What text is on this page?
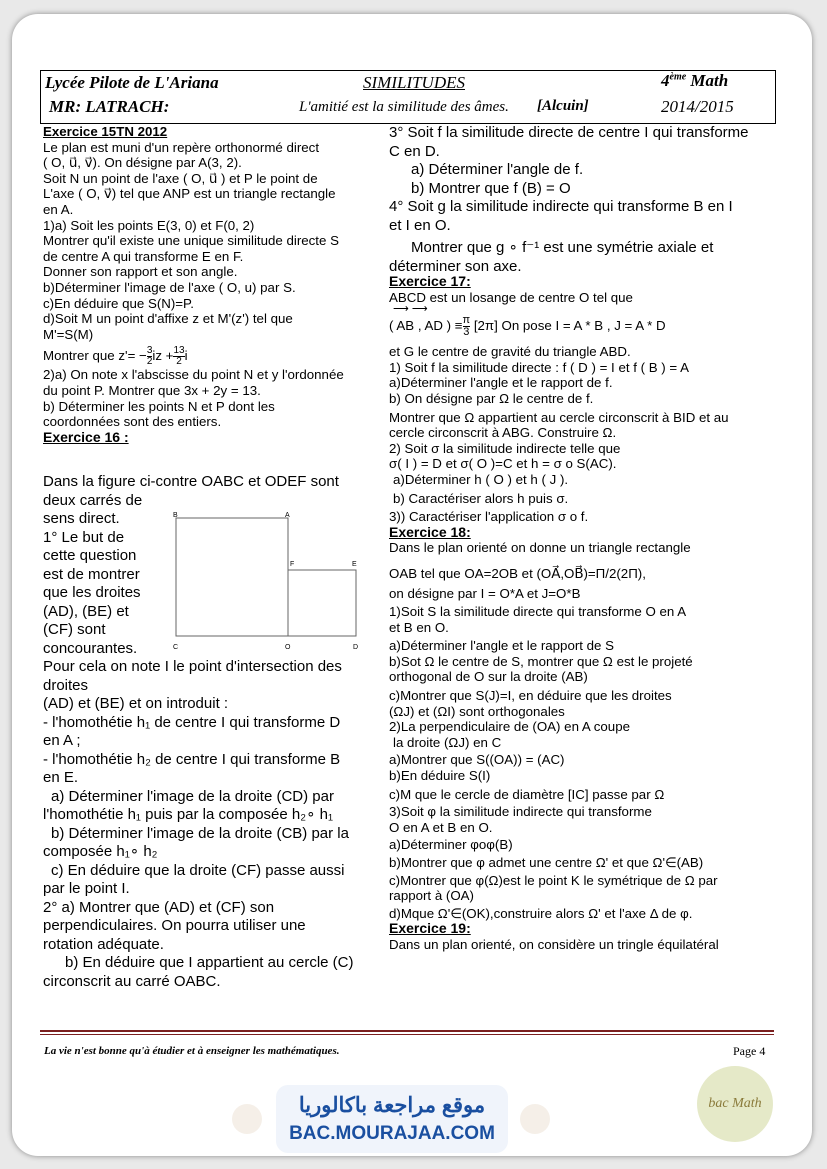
Lycée Pilote de L'Ariana	SIMILITUDES	4ème Math
MR: LATRACH:	L'amitié est la similitude des âmes. [Alcuin]	2014/2015

Exercice 15TN 2012

Le plan est muni d'un repère orthonormé direct

( O, u⃗, v⃗). On désigne par A(3, 2).

Soit N un point de l'axe ( O, u⃗ ) et P le point de

L'axe ( O, v⃗) tel que ANP est un triangle rectangle

en A.

1)a) Soit les points E(3, 0) et F(0, 2)

Montrer qu'il existe une unique similitude directe S

de centre A qui transforme E en F.

Donner son rapport et son angle.

b)Déterminer l'image de l'axe ( O, u) par S.

c)En déduire que S(N)=P.

d)Soit M un point d'affixe z et M'(z') tel que

M'=S(M)

Montrer que $z'= - \frac{3}{2}$ iz + $\frac{13}{2}$ i

2)a) On note x l'abscisse du point N et y l'ordonnée

du point P. Montrer que 3x + 2y = 13.

b) Déterminer les points N et P dont les

coordonnées sont des entiers.

Exercice 16 :

Dans la figure ci-contre OABC et ODEF sont

deux carrés de

sens direct.

1° Le but de

cette question

est de montrer

que les droites

(AD), (BE) et

(CF) sont

concourantes.

Pour cela on note I le point d'intersection des

droites

(AD) et (BE) et on introduit :

- l'homothétie h₁ de centre I qui transforme D

en A ;

- l'homothétie h₂ de centre I qui transforme B

en E.

a) Déterminer l'image de la droite (CD) par

l'homothétie h₁ puis par la composée h₂∘ h₁

b) Déterminer l'image de la droite (CB) par la

composée h₁∘ h₂

c) En déduire que la droite (CF) passe aussi

par le point I.

2° a) Montrer que (AD) et (CF) son

perpendiculaires. On pourra utiliser une

rotation adéquate.

b) En déduire que I appartient au cercle (C)

circonscrit au carré OABC.

B	A
F	E
C	O	D

3° Soit f la similitude directe de centre I qui transforme

C en D.

a) Déterminer l'angle de f.

b) Montrer que f (B) = O

4° Soit g la similitude indirecte qui transforme B en I

et I en O.

Montrer que g ∘ f⁻¹ est une symétrie axiale et

déterminer son axe.

Exercice 17:

ABCD est un losange de centre O tel que

⟶ ⟶
( AB , AD ) ≡ $\frac{\pi}{3} [2\pi]$ On pose I = A * B , J = A * D

et G le centre de gravité du triangle ABD.

1) Soit f la similitude directe : f ( D ) = I et f ( B ) = A

a)Déterminer l'angle et le rapport de f.

b) On désigne par Ω le centre de f.

Montrer que Ω appartient au cercle circonscrit à BID et au

cercle circonscrit à ABG. Construire Ω.

2) Soit σ la similitude indirecte telle que

σ( I ) = D et σ( O )=C et h = σ o S(AC).

a)Déterminer h ( O ) et h ( J ).

b) Caractériser alors h puis σ.

3)) Caractériser l'application σ o f.

Exercice 18:

Dans le plan orienté on donne un triangle rectangle

OAB tel que OA=2OB et (OA⃗,OB⃗)=Π/2(2Π),

on désigne par I = O*A et J=O*B

1)Soit S la similitude directe qui transforme O en A

et B en O.

a)Déterminer l'angle et le rapport de S

b)Sot Ω le centre de S, montrer que Ω est le projeté

orthogonal de O sur la droite (AB)

c)Montrer que S(J)=I, en déduire que les droites

(ΩJ) et (ΩI) sont orthogonales

2)La perpendiculaire de (OA) en A coupe

la droite (ΩJ) en C

a)Montrer que S((OA)) = (AC)

b)En déduire S(I)

c)M que le cercle de diamètre [IC] passe par Ω

3)Soit φ la similitude indirecte qui transforme

O en A et B en O.

a)Déterminer φoφ(B)

b)Montrer que φ admet une centre Ω' et que Ω'∈(AB)

c)Montrer que φ(Ω)est le point K le symétrique de Ω par

rapport à (OA)

d)Mque Ω'∈(OK),construire alors Ω' et l'axe Δ de φ.

Exercice 19:

Dans un plan orienté, on considère un tringle équilatéral

La vie n'est bonne qu'à étudier et à enseigner les mathématiques.	Page 4
موقع مراجعة باكالوريا
BAC.MOURAJAA.COM
bac Math
